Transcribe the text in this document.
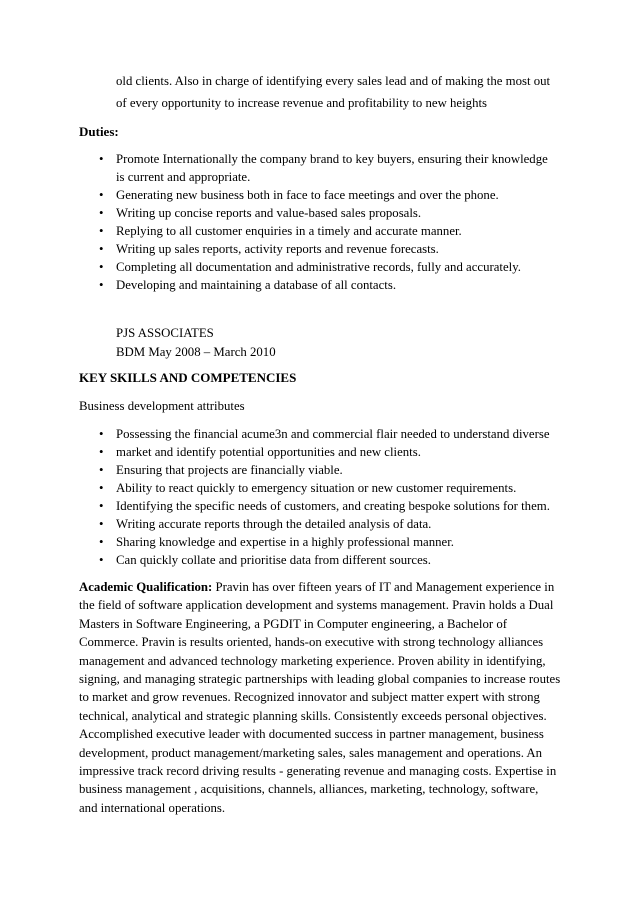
old clients. Also in charge of identifying every sales lead and of making the most out
of every opportunity to increase revenue and profitability to new heights
Duties:
• Promote Internationally the company brand to key buyers, ensuring their knowledge
is current and appropriate.
• Generating new business both in face to face meetings and over the phone.
• Writing up concise reports and value-based sales proposals.
• Replying to all customer enquiries in a timely and accurate manner.
• Writing up sales reports, activity reports and revenue forecasts.
• Completing all documentation and administrative records, fully and accurately.
• Developing and maintaining a database of all contacts.
PJS ASSOCIATES
BDM May 2008 – March 2010
KEY SKILLS AND COMPETENCIES
Business development attributes
• Possessing the financial acume3n and commercial flair needed to understand diverse
• market and identify potential opportunities and new clients.
• Ensuring that projects are financially viable.
• Ability to react quickly to emergency situation or new customer requirements.
• Identifying the specific needs of customers, and creating bespoke solutions for them.
• Writing accurate reports through the detailed analysis of data.
• Sharing knowledge and expertise in a highly professional manner.
• Can quickly collate and prioritise data from different sources.
Academic Qualification: Pravin has over fifteen years of IT and Management experience in
the field of software application development and systems management. Pravin holds a Dual
Masters in Software Engineering, a PGDIT in Computer engineering, a Bachelor of
Commerce. Pravin is results oriented, hands-on executive with strong technology alliances
management and advanced technology marketing experience. Proven ability in identifying,
signing, and managing strategic partnerships with leading global companies to increase routes
to market and grow revenues. Recognized innovator and subject matter expert with strong
technical, analytical and strategic planning skills. Consistently exceeds personal objectives.
Accomplished executive leader with documented success in partner management, business
development, product management/marketing sales, sales management and operations. An
impressive track record driving results - generating revenue and managing costs. Expertise in
business management , acquisitions, channels, alliances, marketing, technology, software,
and international operations.
